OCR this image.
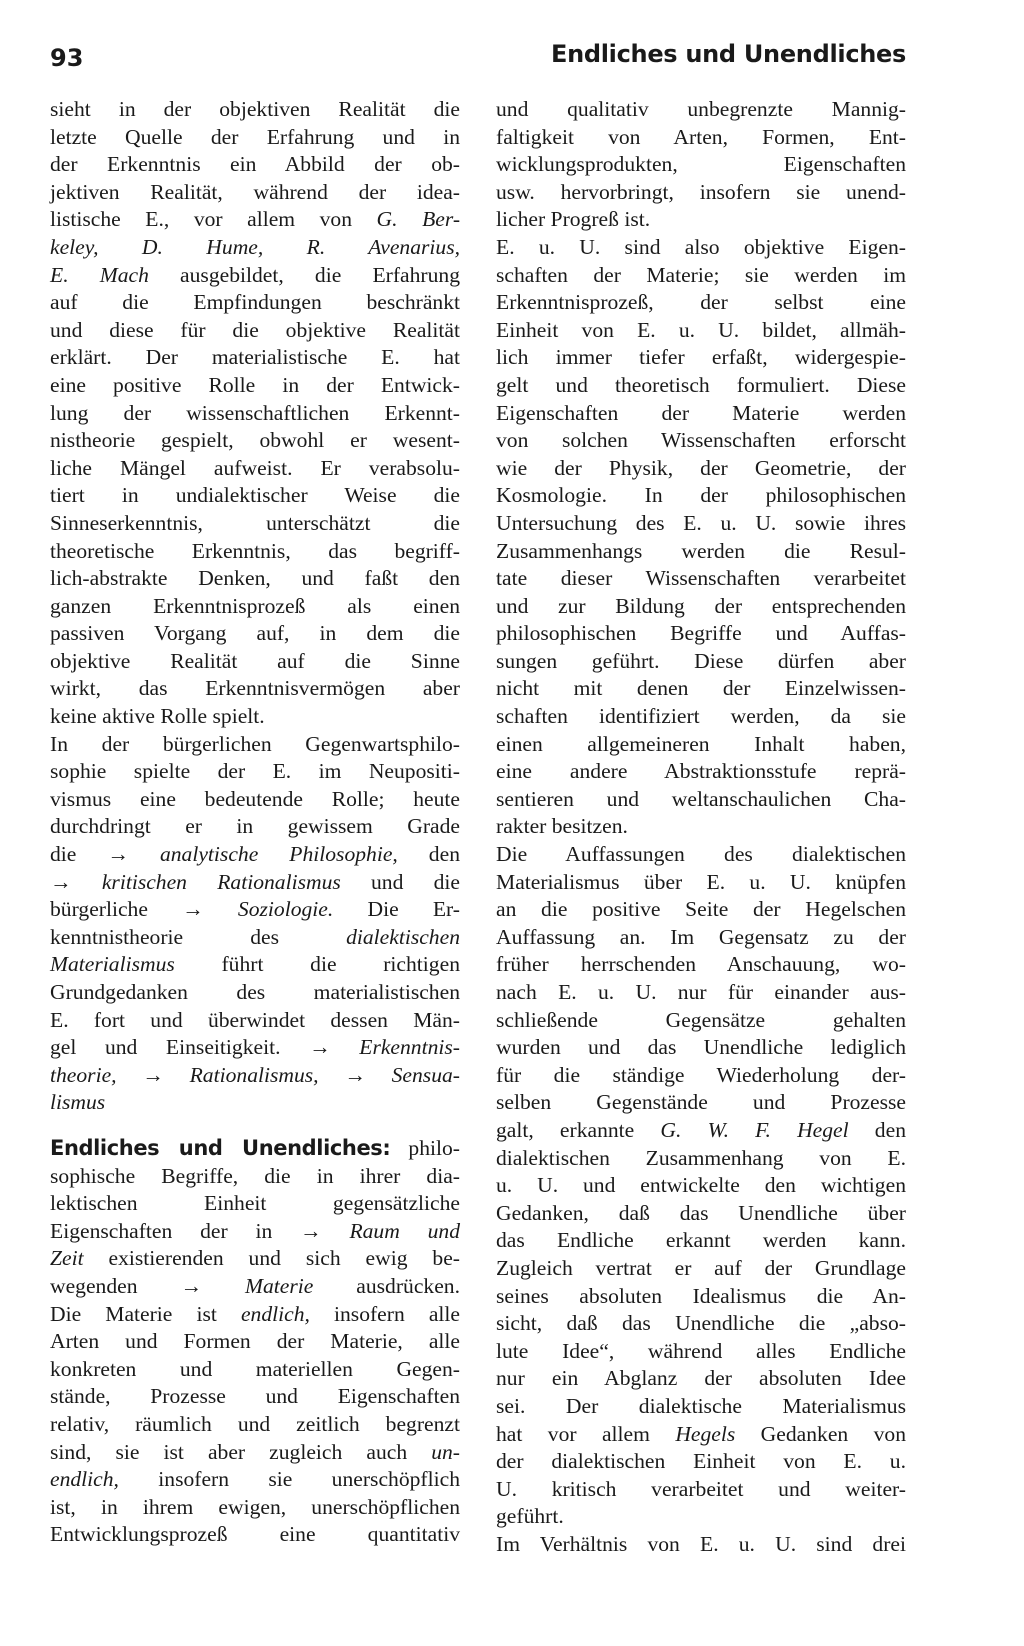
93	Endliches und Unendliches
sieht in der objektiven Realität die
letzte Quelle der Erfahrung und in
der Erkenntnis ein Abbild der ob-
jektiven Realität, während der idea-
listische E., vor allem von G. Ber-
keley, D. Hume, R. Avenarius,
E. Mach ausgebildet, die Erfahrung
auf die Empfindungen beschränkt
und diese für die objektive Realität
erklärt. Der materialistische E. hat
eine positive Rolle in der Entwick-
lung der wissenschaftlichen Erkennt-
nistheorie gespielt, obwohl er wesent-
liche Mängel aufweist. Er verabsolu-
tiert in undialektischer Weise die
Sinneserkenntnis, unterschätzt die
theoretische Erkenntnis, das begriff-
lich-abstrakte Denken, und faßt den
ganzen Erkenntnisprozeß als einen
passiven Vorgang auf, in dem die
objektive Realität auf die Sinne
wirkt, das Erkenntnisvermögen aber
keine aktive Rolle spielt.
In der bürgerlichen Gegenwartsphilo-
sophie spielte der E. im Neupositi-
vismus eine bedeutende Rolle; heute
durchdringt er in gewissem Grade
die → analytische Philosophie, den
→ kritischen Rationalismus und die
bürgerliche → Soziologie. Die Er-
kenntnistheorie des dialektischen
Materialismus führt die richtigen
Grundgedanken des materialistischen
E. fort und überwindet dessen Män-
gel und Einseitigkeit. → Erkenntnis-
theorie, → Rationalismus, → Sensua-
lismus
Endliches und Unendliches: philo-
sophische Begriffe, die in ihrer dia-
lektischen Einheit gegensätzliche
Eigenschaften der in → Raum und
Zeit existierenden und sich ewig be-
wegenden → Materie ausdrücken.
Die Materie ist endlich, insofern alle
Arten und Formen der Materie, alle
konkreten und materiellen Gegen-
stände, Prozesse und Eigenschaften
relativ, räumlich und zeitlich begrenzt
sind, sie ist aber zugleich auch un-
endlich, insofern sie unerschöpflich
ist, in ihrem ewigen, unerschöpflichen
Entwicklungsprozeß eine quantitativ
und qualitativ unbegrenzte Mannig-
faltigkeit von Arten, Formen, Ent-
wicklungsprodukten, Eigenschaften
usw. hervorbringt, insofern sie unend-
licher Progreß ist.
E. u. U. sind also objektive Eigen-
schaften der Materie; sie werden im
Erkenntnisprozeß, der selbst eine
Einheit von E. u. U. bildet, allmäh-
lich immer tiefer erfaßt, widergespie-
gelt und theoretisch formuliert. Diese
Eigenschaften der Materie werden
von solchen Wissenschaften erforscht
wie der Physik, der Geometrie, der
Kosmologie. In der philosophischen
Untersuchung des E. u. U. sowie ihres
Zusammenhangs werden die Resul-
tate dieser Wissenschaften verarbeitet
und zur Bildung der entsprechenden
philosophischen Begriffe und Auffas-
sungen geführt. Diese dürfen aber
nicht mit denen der Einzelwissen-
schaften identifiziert werden, da sie
einen allgemeineren Inhalt haben,
eine andere Abstraktionsstufe reprä-
sentieren und weltanschaulichen Cha-
rakter besitzen.
Die Auffassungen des dialektischen
Materialismus über E. u. U. knüpfen
an die positive Seite der Hegelschen
Auffassung an. Im Gegensatz zu der
früher herrschenden Anschauung, wo-
nach E. u. U. nur für einander aus-
schließende Gegensätze gehalten
wurden und das Unendliche lediglich
für die ständige Wiederholung der-
selben Gegenstände und Prozesse
galt, erkannte G. W. F. Hegel den
dialektischen Zusammenhang von E.
u. U. und entwickelte den wichtigen
Gedanken, daß das Unendliche über
das Endliche erkannt werden kann.
Zugleich vertrat er auf der Grundlage
seines absoluten Idealismus die An-
sicht, daß das Unendliche die „abso-
lute Idee“, während alles Endliche
nur ein Abglanz der absoluten Idee
sei. Der dialektische Materialismus
hat vor allem Hegels Gedanken von
der dialektischen Einheit von E. u.
U. kritisch verarbeitet und weiter-
geführt.
Im Verhältnis von E. u. U. sind drei
